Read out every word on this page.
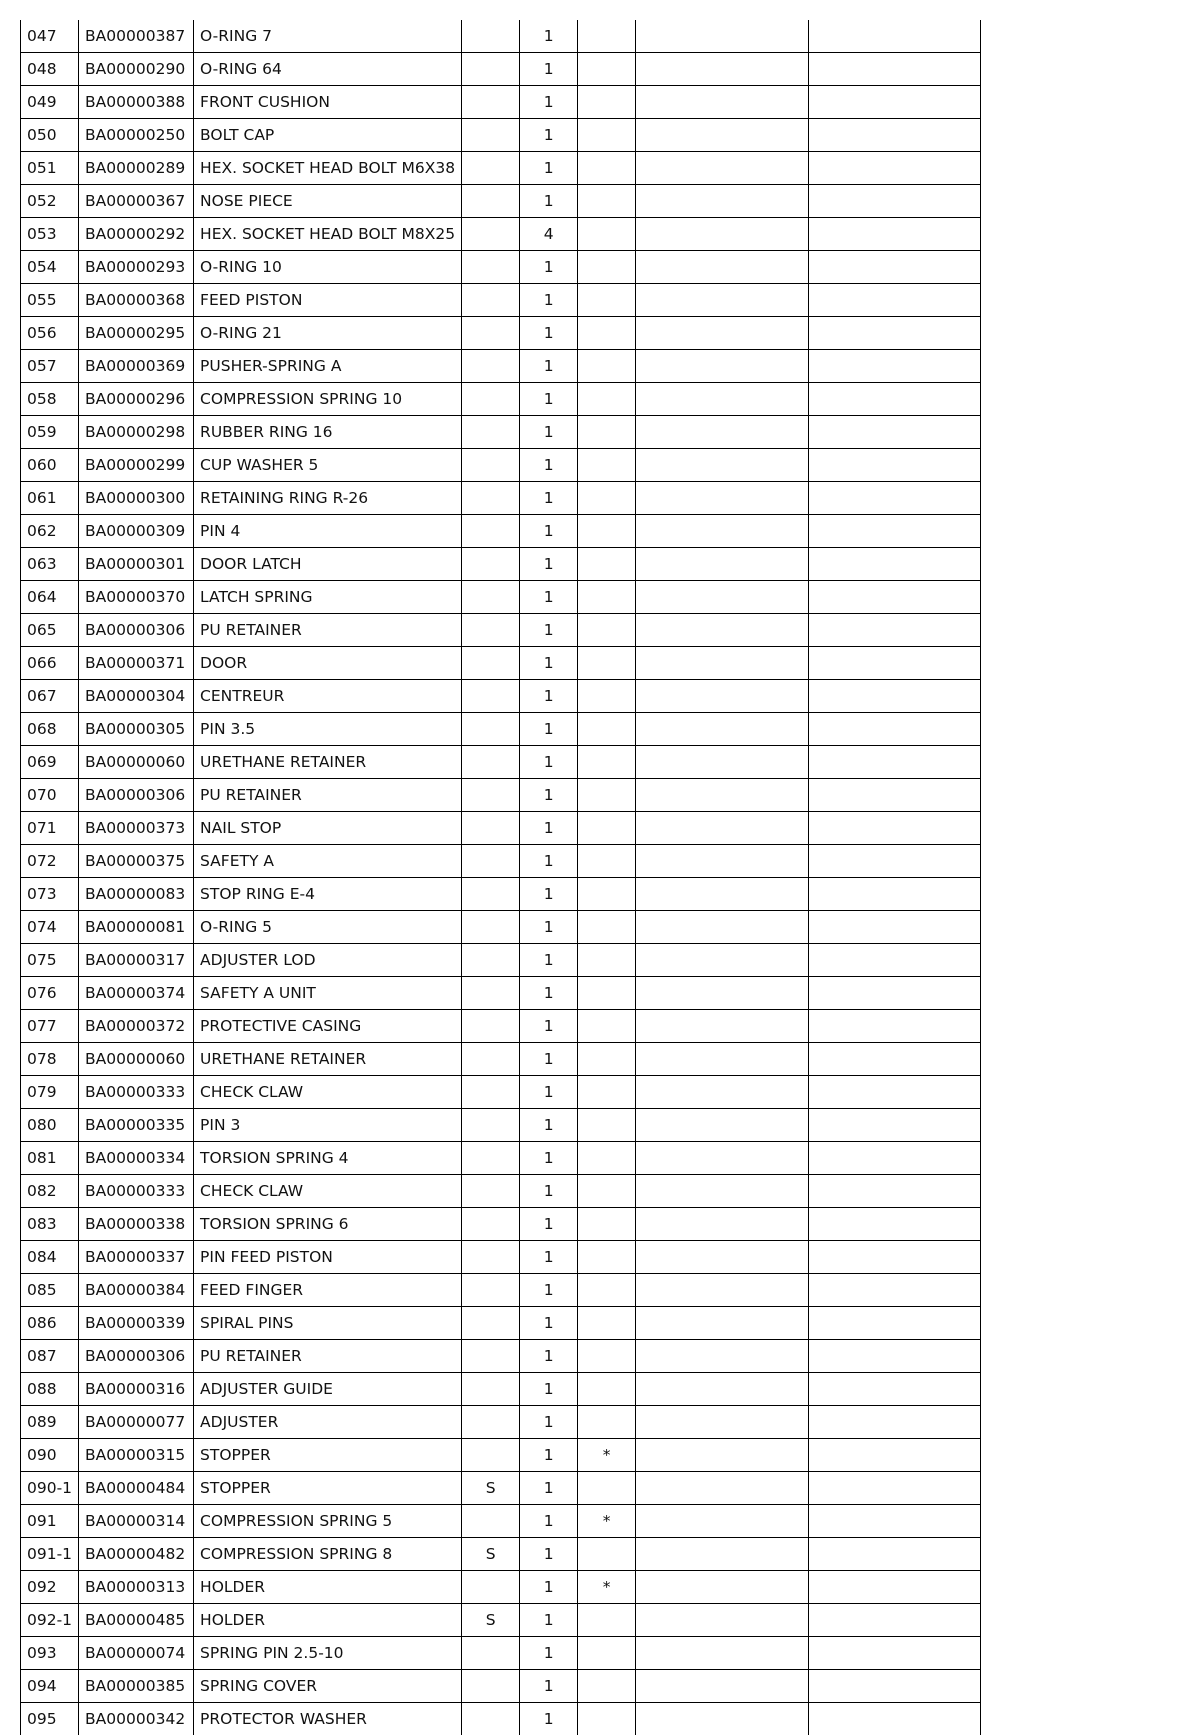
047	BA00000387	O-RING 7		1			
048	BA00000290	O-RING 64		1			
049	BA00000388	FRONT CUSHION		1			
050	BA00000250	BOLT CAP		1			
051	BA00000289	HEX. SOCKET HEAD BOLT M6X38		1			
052	BA00000367	NOSE PIECE		1			
053	BA00000292	HEX. SOCKET HEAD BOLT M8X25		4			
054	BA00000293	O-RING 10		1			
055	BA00000368	FEED PISTON		1			
056	BA00000295	O-RING 21		1			
057	BA00000369	PUSHER-SPRING A		1			
058	BA00000296	COMPRESSION SPRING 10		1			
059	BA00000298	RUBBER RING 16		1			
060	BA00000299	CUP WASHER 5		1			
061	BA00000300	RETAINING RING R-26		1			
062	BA00000309	PIN 4		1			
063	BA00000301	DOOR LATCH		1			
064	BA00000370	LATCH SPRING		1			
065	BA00000306	PU RETAINER		1			
066	BA00000371	DOOR		1			
067	BA00000304	CENTREUR		1			
068	BA00000305	PIN 3.5		1			
069	BA00000060	URETHANE RETAINER		1			
070	BA00000306	PU RETAINER		1			
071	BA00000373	NAIL STOP		1			
072	BA00000375	SAFETY A		1			
073	BA00000083	STOP RING E-4		1			
074	BA00000081	O-RING 5		1			
075	BA00000317	ADJUSTER LOD		1			
076	BA00000374	SAFETY A UNIT		1			
077	BA00000372	PROTECTIVE CASING		1			
078	BA00000060	URETHANE RETAINER		1			
079	BA00000333	CHECK CLAW		1			
080	BA00000335	PIN 3		1			
081	BA00000334	TORSION SPRING 4		1			
082	BA00000333	CHECK CLAW		1			
083	BA00000338	TORSION SPRING 6		1			
084	BA00000337	PIN FEED PISTON		1			
085	BA00000384	FEED FINGER		1			
086	BA00000339	SPIRAL PINS		1			
087	BA00000306	PU RETAINER		1			
088	BA00000316	ADJUSTER GUIDE		1			
089	BA00000077	ADJUSTER		1			
090	BA00000315	STOPPER		1	*		
090-1	BA00000484	STOPPER	S	1			
091	BA00000314	COMPRESSION SPRING 5		1	*		
091-1	BA00000482	COMPRESSION SPRING 8	S	1			
092	BA00000313	HOLDER		1	*		
092-1	BA00000485	HOLDER	S	1			
093	BA00000074	SPRING PIN 2.5-10		1			
094	BA00000385	SPRING COVER		1			
095	BA00000342	PROTECTOR WASHER		1			
